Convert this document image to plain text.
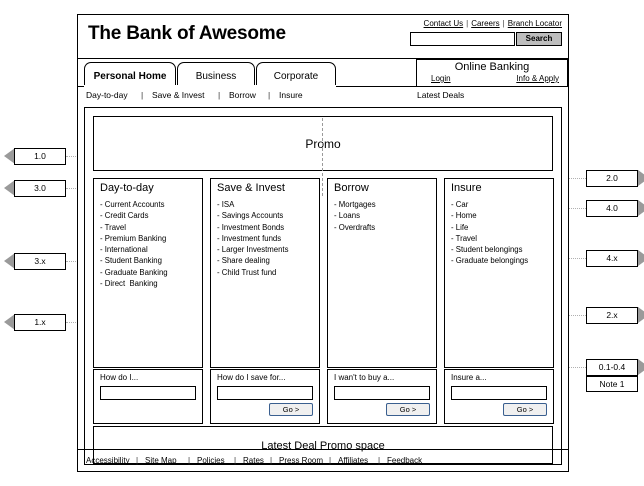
1.0
3.0
3.x
1.x
2.0
4.0
4.x
2.x
0.1-0.4
Note 1
The Bank of Awesome	Contact Us | Careers | Branch Locator
Search
Personal Home	Business	Corporate
Online Banking
Login	Info & Apply
Day-to-day | Save & Invest | Borrow | Insure	Latest Deals
Promo
Day-to-day
- Current Accounts
- Credit Cards
- Travel
- Premium Banking
- International
- Student Banking
- Graduate Banking
- Direct  Banking
How do I...
Save & Invest
- ISA
- Savings Accounts
- Investment Bonds
- Investment funds
- Larger Investments
- Share dealing
- Child Trust fund
How do I save for...
Go >
Borrow
- Mortgages
- Loans
- Overdrafts
I wan't to buy a...
Go >
Insure
- Car
- Home
- Life
- Travel
- Student belongings
- Graduate belongings
Insure a...
Go >
Latest Deal Promo space
Accessibility | Site Map | Policies | Rates | Press Room | Affiliates | Feedback
